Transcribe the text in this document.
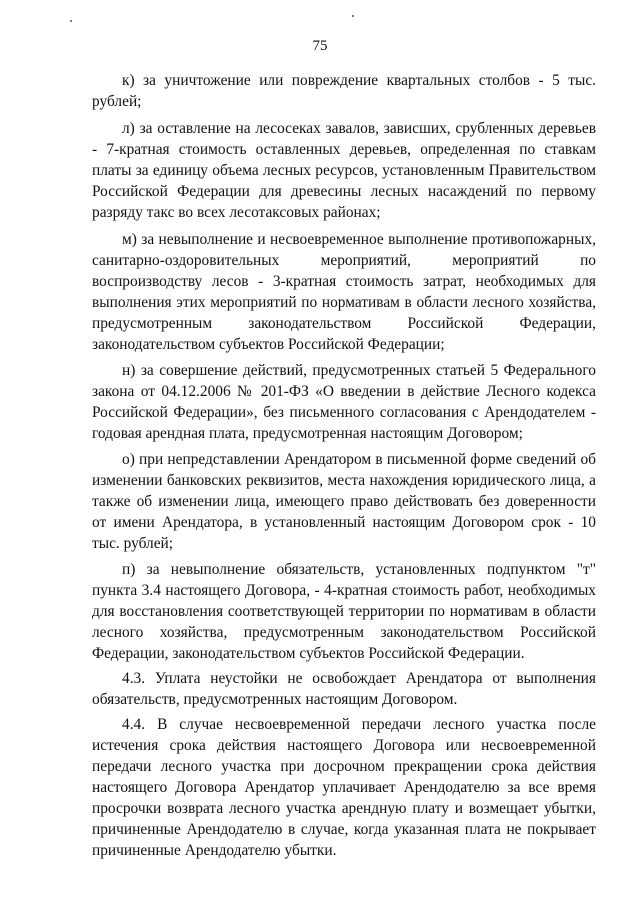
75

к) за уничтожение или повреждение квартальных столбов - 5 тыс. рублей;

л) за оставление на лесосеках завалов, зависших, срубленных деревьев - 7-кратная стоимость оставленных деревьев, определенная по ставкам платы за единицу объема лесных ресурсов, установленным Правительством Российской Федерации для древесины лесных насаждений по первому разряду такс во всех лесотаксовых районах;

м) за невыполнение и несвоевременное выполнение противопожарных, санитарно-оздоровительных мероприятий, мероприятий по воспроизводству лесов - 3-кратная стоимость затрат, необходимых для выполнения этих мероприятий по нормативам в области лесного хозяйства, предусмотренным законодательством Российской Федерации, законодательством субъектов Российской Федерации;

н) за совершение действий, предусмотренных статьей 5 Федерального закона от 04.12.2006 № 201-ФЗ «О введении в действие Лесного кодекса Российской Федерации», без письменного согласования с Арендодателем - годовая арендная плата, предусмотренная настоящим Договором;

о) при непредставлении Арендатором в письменной форме сведений об изменении банковских реквизитов, места нахождения юридического лица, а также об изменении лица, имеющего право действовать без доверенности от имени Арендатора, в установленный настоящим Договором срок - 10 тыс. рублей;

п) за невыполнение обязательств, установленных подпунктом "т" пункта 3.4 настоящего Договора, - 4-кратная стоимость работ, необходимых для восстановления соответствующей территории по нормативам в области лесного хозяйства, предусмотренным законодательством Российской Федерации, законодательством субъектов Российской Федерации.

4.3. Уплата неустойки не освобождает Арендатора от выполнения обязательств, предусмотренных настоящим Договором.

4.4. В случае несвоевременной передачи лесного участка после истечения срока действия настоящего Договора или несвоевременной передачи лесного участка при досрочном прекращении срока действия настоящего Договора Арендатор уплачивает Арендодателю за все время просрочки возврата лесного участка арендную плату и возмещает убытки, причиненные Арендодателю в случае, когда указанная плата не покрывает причиненные Арендодателю убытки.
